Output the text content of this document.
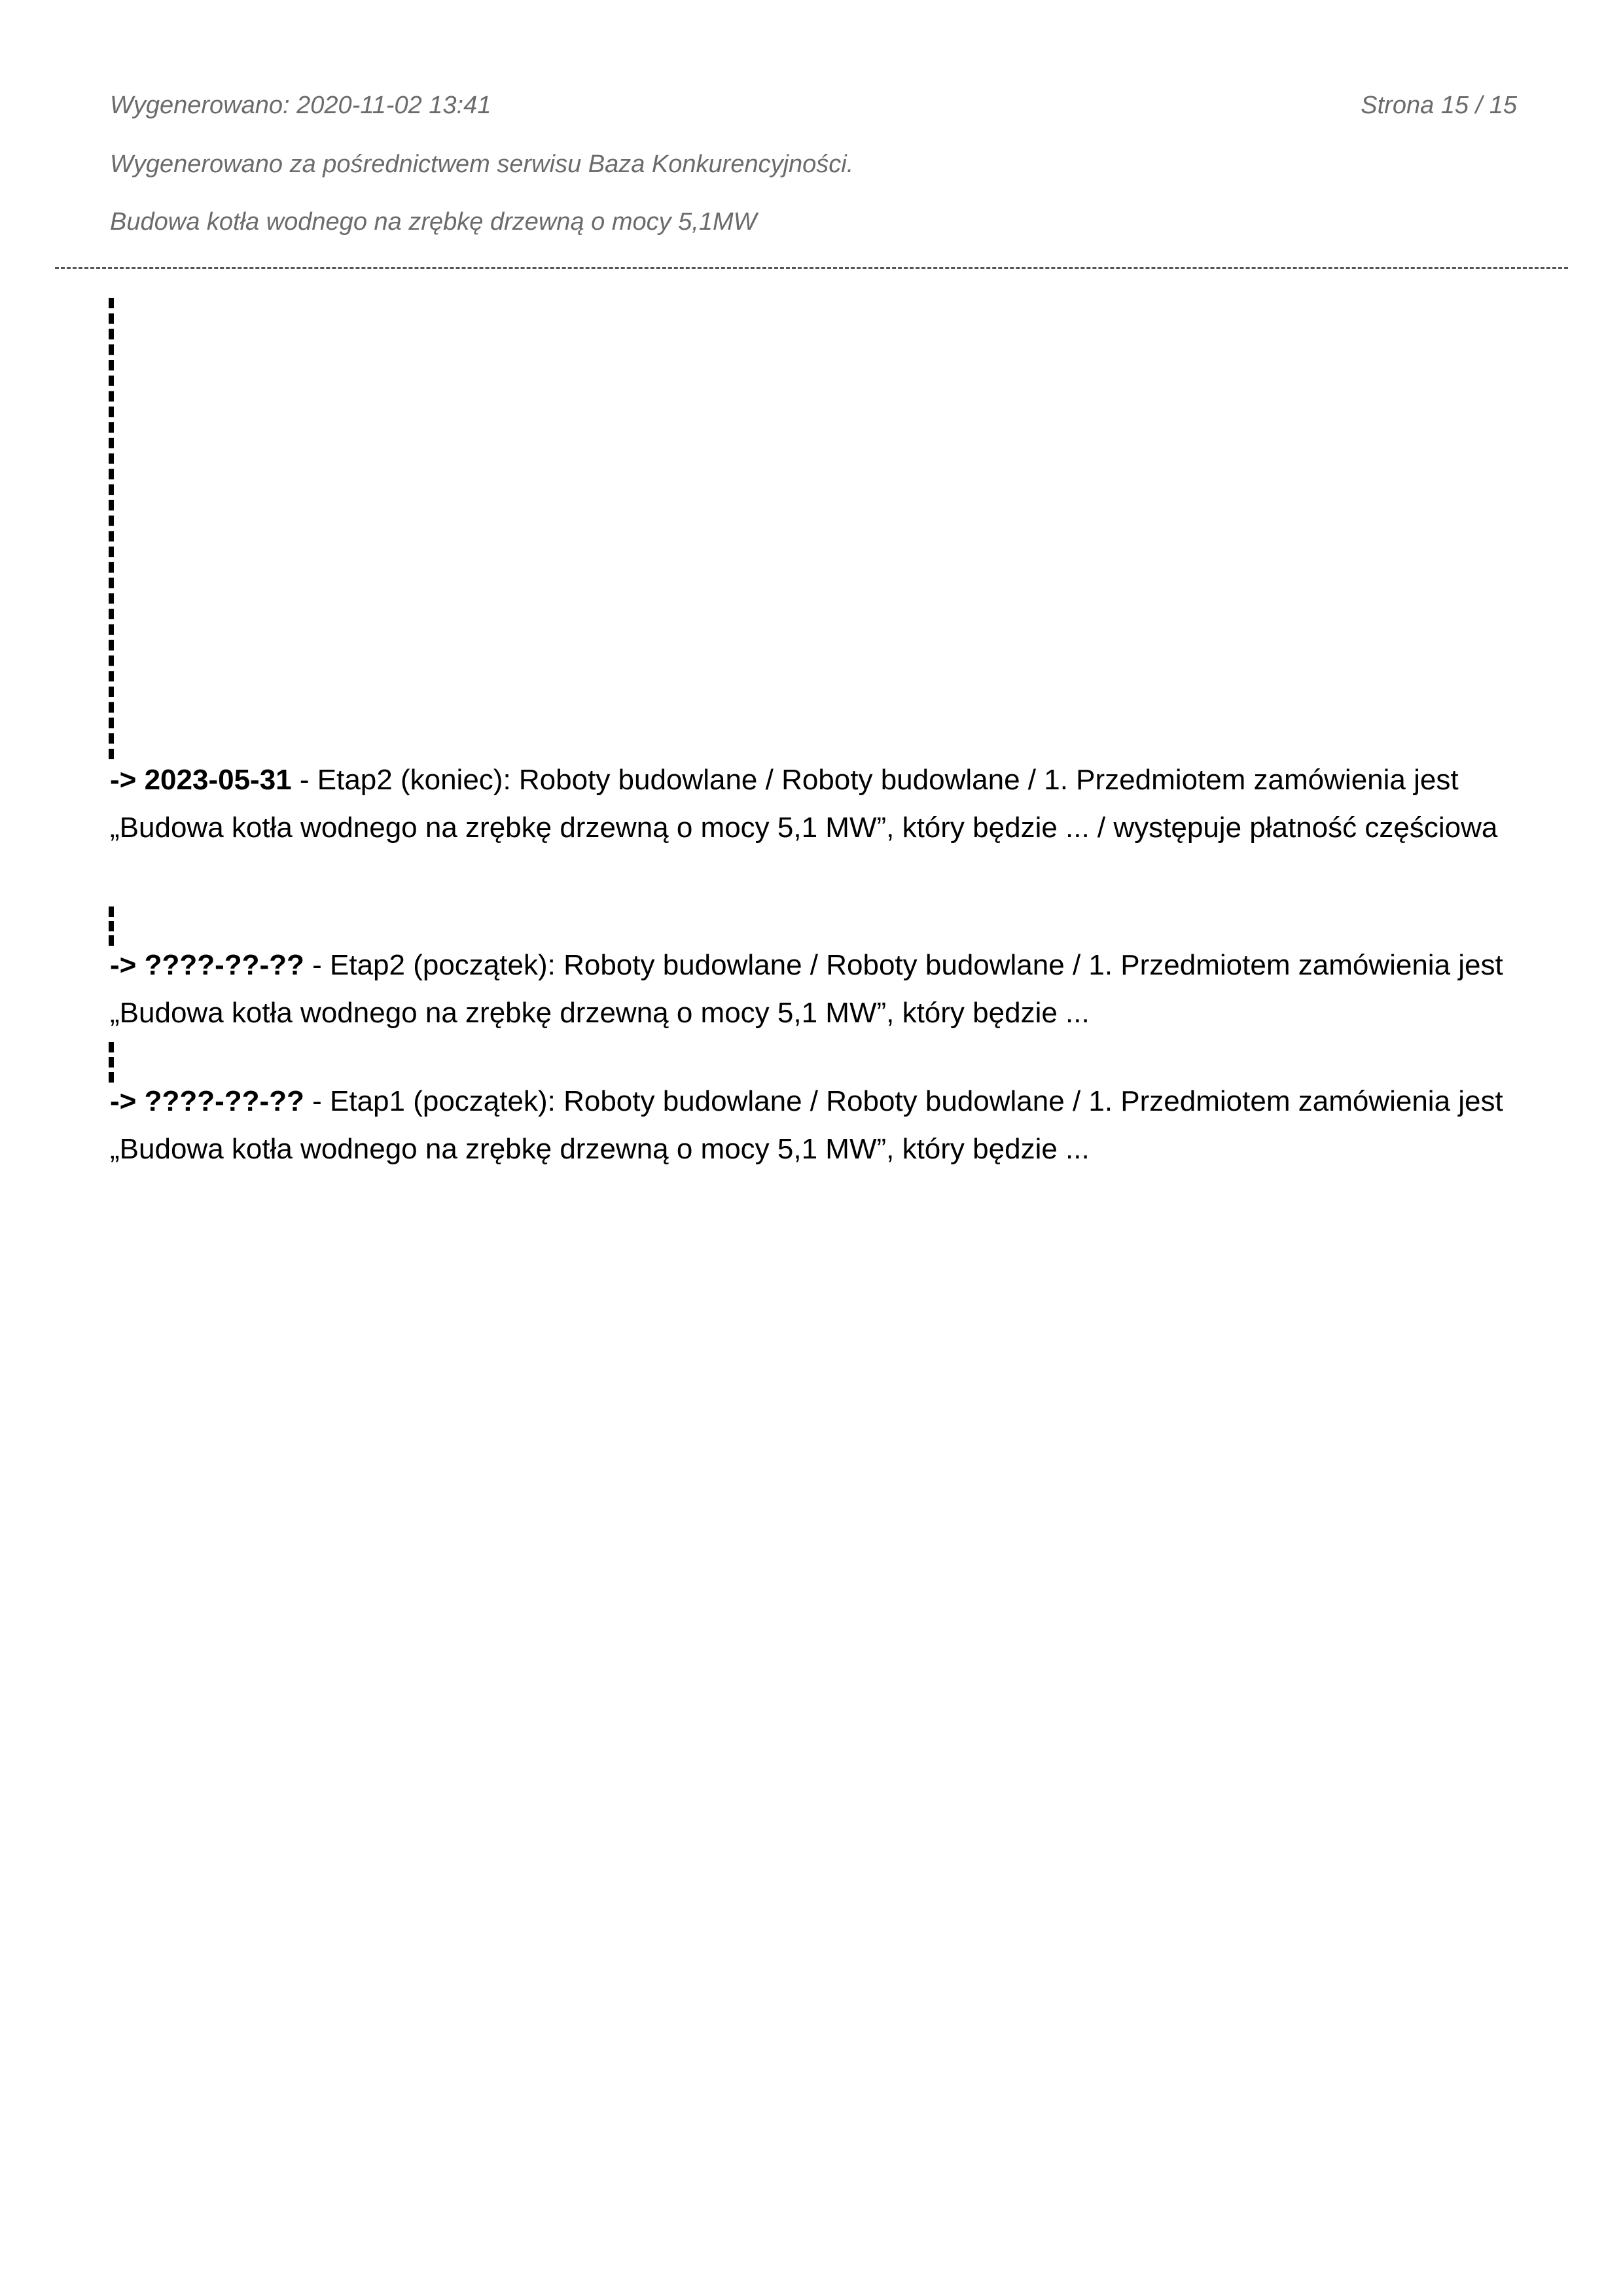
Wygenerowano: 2020-11-02 13:41	Strona 15 / 15
Wygenerowano za pośrednictwem serwisu Baza Konkurencyjności.
Budowa kotła wodnego na zrębkę drzewną o mocy 5,1MW
-> 2023-05-31 - Etap2 (koniec): Roboty budowlane / Roboty budowlane / 1. Przedmiotem zamówienia jest „Budowa kotła wodnego na zrębkę drzewną o mocy 5,1 MW”, który będzie ... / występuje płatność częściowa
-> ????-??-?? - Etap2 (początek): Roboty budowlane / Roboty budowlane / 1. Przedmiotem zamówienia jest „Budowa kotła wodnego na zrębkę drzewną o mocy 5,1 MW”, który będzie ...
-> ????-??-?? - Etap1 (początek): Roboty budowlane / Roboty budowlane / 1. Przedmiotem zamówienia jest „Budowa kotła wodnego na zrębkę drzewną o mocy 5,1 MW”, który będzie ...
